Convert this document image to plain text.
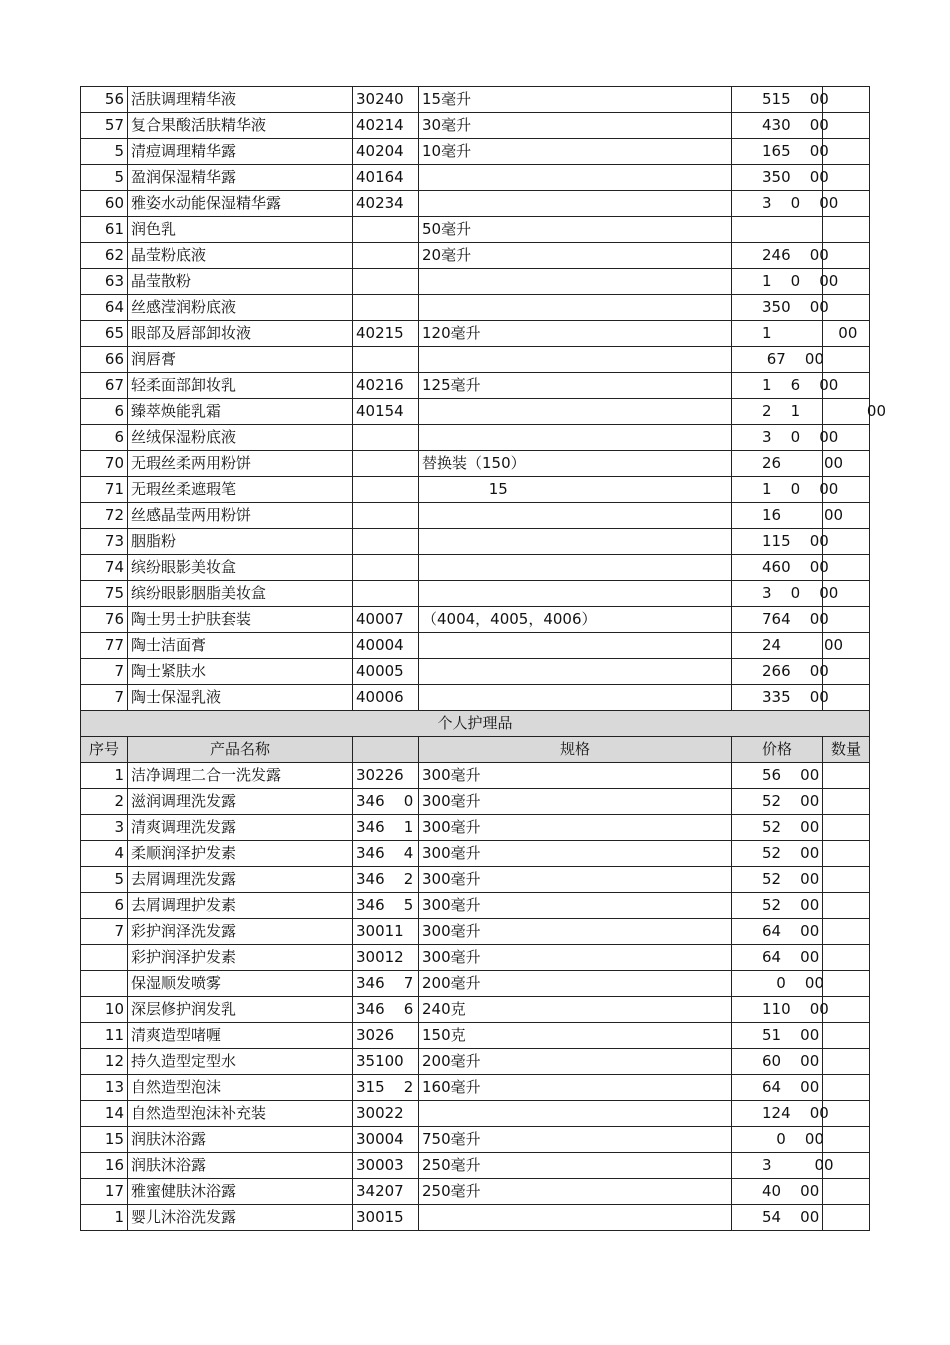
56	活肤调理精华液	30240	15毫升	515    00	
57	复合果酸活肤精华液	40214	30毫升	430    00	
5	清痘调理精华露	40204	10毫升	165    00	
5	盈润保湿精华露	40164		350    00	
60	雅姿水动能保湿精华露	40234		3    0    00	
61	润色乳		50毫升		
62	晶莹粉底液		20毫升	246    00	
63	晶莹散粉			1    0    00	
64	丝感滢润粉底液			350    00	
65	眼部及唇部卸妆液	40215	120毫升	1              00	
66	润唇膏			67    00	
67	轻柔面部卸妆乳	40216	125毫升	1    6    00	
6	臻萃焕能乳霜	40154		2    1              00	
6	丝绒保湿粉底液			3    0    00	
70	无瑕丝柔两用粉饼		替换装（150）	26         00	
71	无瑕丝柔遮瑕笔		15	1    0    00	
72	丝感晶莹两用粉饼			16         00	
73	胭脂粉			115    00	
74	缤纷眼影美妆盒			460    00	
75	缤纷眼影胭脂美妆盒			3    0    00	
76	陶士男士护肤套装	40007	（4004，4005，4006）	764    00	
77	陶士洁面膏	40004		24         00	
7	陶士紧肤水	40005		266    00	
7	陶士保湿乳液	40006		335    00	
个人护理品					
序号	产品名称		规格	价格	数量
1	洁净调理二合一洗发露	30226	300毫升	56    00	
2	滋润调理洗发露	346    0	300毫升	52    00	
3	清爽调理洗发露	346    1	300毫升	52    00	
4	柔顺润泽护发素	346    4	300毫升	52    00	
5	去屑调理洗发露	346    2	300毫升	52    00	
6	去屑调理护发素	346    5	300毫升	52    00	
7	彩护润泽洗发露	30011	300毫升	64    00	
	彩护润泽护发素	30012	300毫升	64    00	
	保湿顺发喷雾	346    7	200毫升	0    00	
10	深层修护润发乳	346    6	240克	110    00	
11	清爽造型啫喱	3026	150克	51    00	
12	持久造型定型水	35100	200毫升	60    00	
13	自然造型泡沫	315    2	160毫升	64    00	
14	自然造型泡沫补充装	30022		124    00	
15	润肤沐浴露	30004	750毫升	0    00	
16	润肤沐浴露	30003	250毫升	3         00	
17	雅蜜健肤沐浴露	34207	250毫升	40    00	
1	婴儿沐浴洗发露	30015		54    00	
